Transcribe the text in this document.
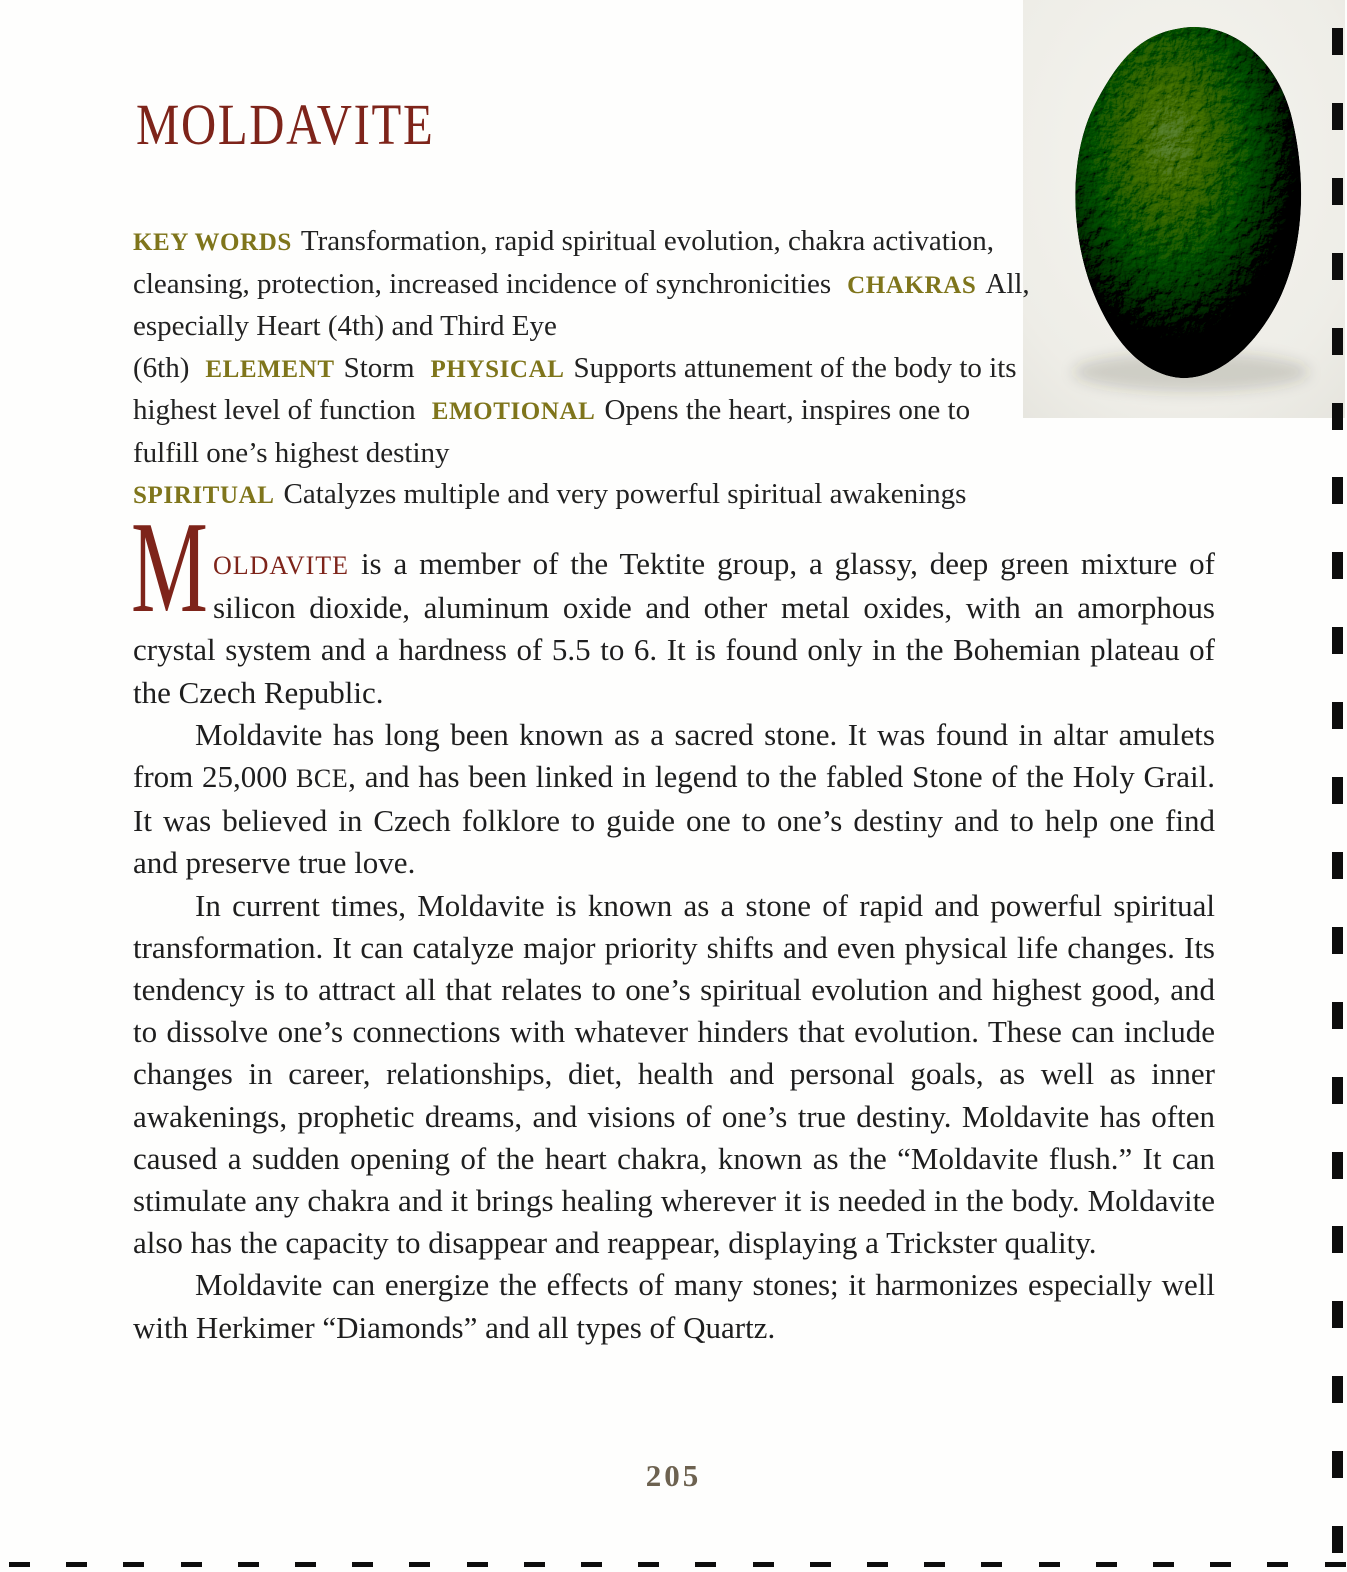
MOLDAVITE

KEY WORDS Transformation, rapid spiritual evolution, chakra activation, cleansing, protection, increased incidence of synchronicities CHAKRAS All, especially Heart (4th) and Third Eye (6th) ELEMENT Storm PHYSICAL Supports attunement of the body to its highest level of function EMOTIONAL Opens the heart, inspires one to fulfill one’s highest destiny
SPIRITUAL Catalyzes multiple and very powerful spiritual awakenings

M OLDAVITE is a member of the Tektite group, a glassy, deep green mixture of silicon dioxide, aluminum oxide and other metal oxides, with an amorphous crystal system and a hardness of 5.5 to 6. It is found only in the Bohemian plateau of the Czech Republic.

Moldavite has long been known as a sacred stone. It was found in altar amulets from 25,000 BCE, and has been linked in legend to the fabled Stone of the Holy Grail. It was believed in Czech folklore to guide one to one’s destiny and to help one find and preserve true love.

In current times, Moldavite is known as a stone of rapid and powerful spiritual transformation. It can catalyze major priority shifts and even physical life changes. Its tendency is to attract all that relates to one’s spiritual evolution and highest good, and to dissolve one’s connections with whatever hinders that evolution. These can include changes in career, relationships, diet, health and personal goals, as well as inner awakenings, prophetic dreams, and visions of one’s true destiny. Moldavite has often caused a sudden opening of the heart chakra, known as the “Moldavite flush.” It can stimulate any chakra and it brings healing wherever it is needed in the body. Moldavite also has the capacity to disappear and reappear, displaying a Trickster quality.

Moldavite can energize the effects of many stones; it harmonizes especially well with Herkimer “Diamonds” and all types of Quartz.

205
